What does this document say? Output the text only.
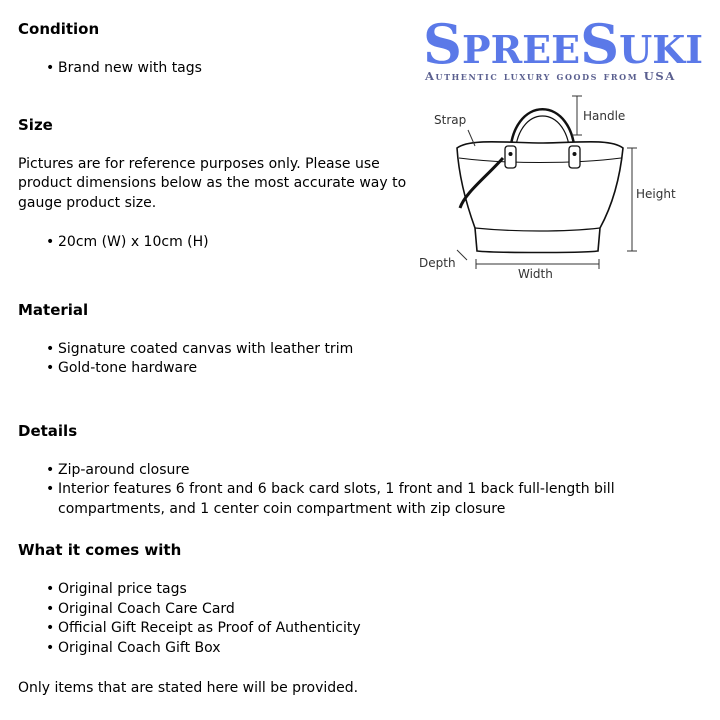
SPREESUKI
Authentic luxury goods from USA
Handle
Height
Width
Depth
Strap
Condition
• Brand new with tags
Size

Pictures are for reference purposes only. Please use product dimensions below as the most accurate way to gauge product size.

• 20cm (W) x 10cm (H)
Material
• Signature coated canvas with leather trim
• Gold-tone hardware
Details
• Zip-around closure
• Interior features 6 front and 6 back card slots, 1 front and 1 back full-length bill compartments, and 1 center coin compartment with zip closure
What it comes with
• Original price tags
• Original Coach Care Card
• Official Gift Receipt as Proof of Authenticity
• Original Coach Gift Box

Only items that are stated here will be provided.
